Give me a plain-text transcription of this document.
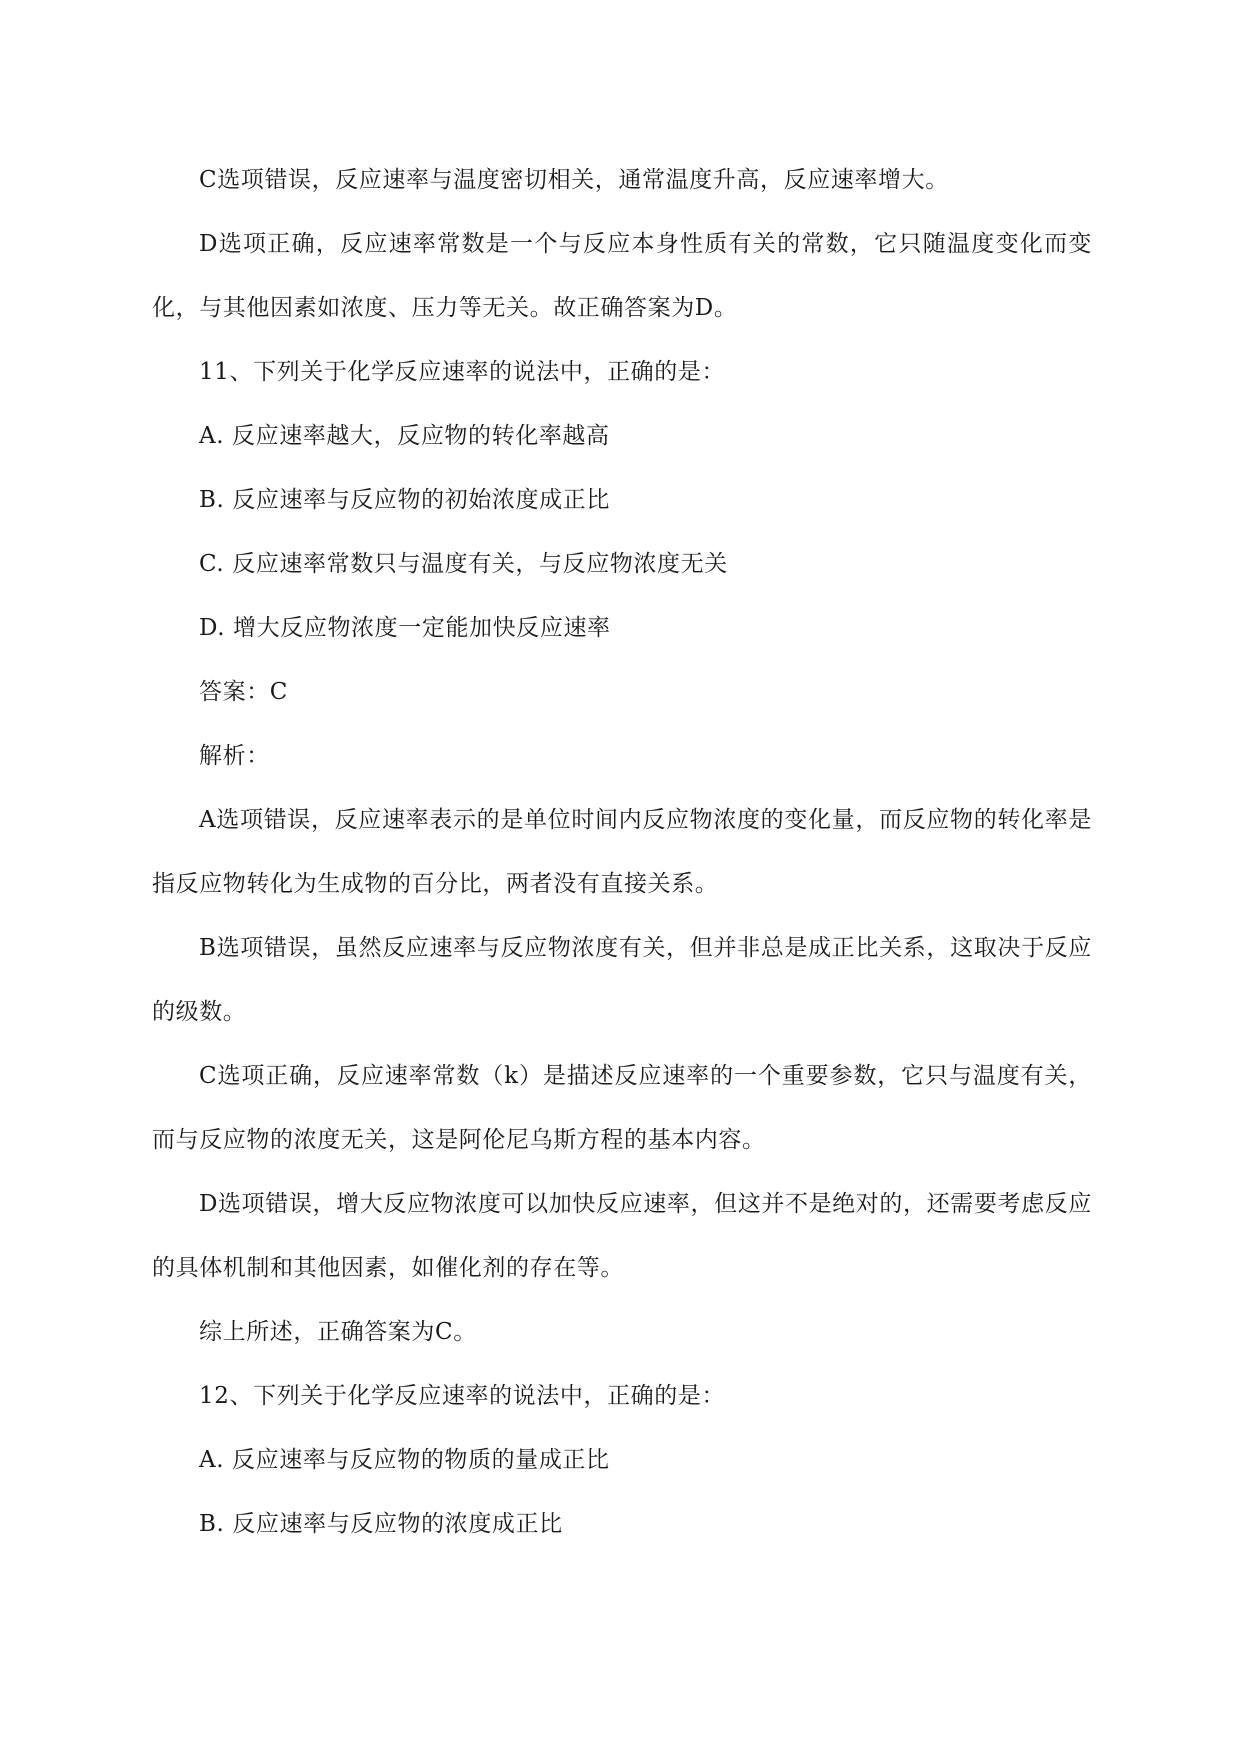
C选项错误，反应速率与温度密切相关，通常温度升高，反应速率增大。

D选项正确，反应速率常数是一个与反应本身性质有关的常数，它只随温度变化而变化，与其他因素如浓度、压力等无关。故正确答案为D。

11、下列关于化学反应速率的说法中，正确的是：

A. 反应速率越大，反应物的转化率越高

B. 反应速率与反应物的初始浓度成正比

C. 反应速率常数只与温度有关，与反应物浓度无关

D. 增大反应物浓度一定能加快反应速率

答案：C

解析：

A选项错误，反应速率表示的是单位时间内反应物浓度的变化量，而反应物的转化率是指反应物转化为生成物的百分比，两者没有直接关系。

B选项错误，虽然反应速率与反应物浓度有关，但并非总是成正比关系，这取决于反应的级数。

C选项正确，反应速率常数（k）是描述反应速率的一个重要参数，它只与温度有关，而与反应物的浓度无关，这是阿伦尼乌斯方程的基本内容。

D选项错误，增大反应物浓度可以加快反应速率，但这并不是绝对的，还需要考虑反应的具体机制和其他因素，如催化剂的存在等。

综上所述，正确答案为C。

12、下列关于化学反应速率的说法中，正确的是：

A. 反应速率与反应物的物质的量成正比

B. 反应速率与反应物的浓度成正比
